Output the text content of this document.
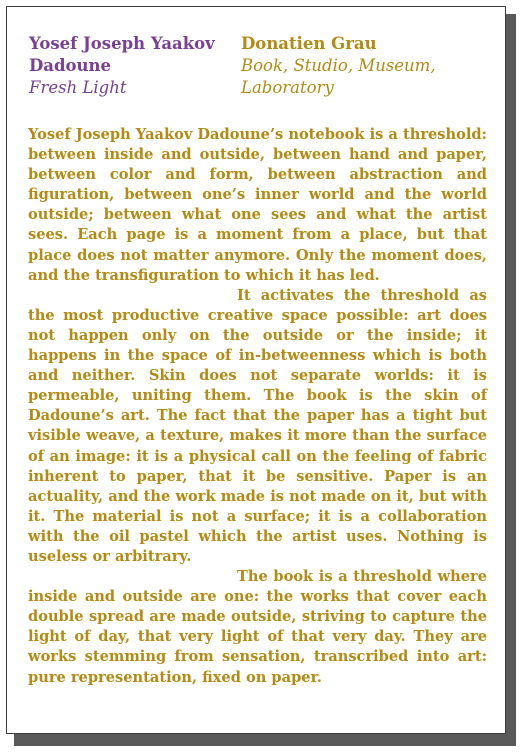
Yosef Joseph Yaakov Dadoune
Fresh Light
Donatien Grau
Book, Studio, Museum, Laboratory

Yosef Joseph Yaakov Dadoune’s notebook is a threshold: between inside and outside, between hand and paper, between color and form, between abstraction and figuration, between one’s inner world and the world outside; between what one sees and what the artist sees. Each page is a moment from a place, but that place does not matter anymore. Only the moment does, and the transfiguration to which it has led.

It activates the threshold as the most productive creative space possible: art does not happen only on the outside or the inside; it happens in the space of in-betweenness which is both and neither. Skin does not separate worlds: it is permeable, uniting them. The book is the skin of Dadoune’s art. The fact that the paper has a tight but visible weave, a texture, makes it more than the surface of an image: it is a physical call on the feeling of fabric inherent to paper, that it be sensitive. Paper is an actuality, and the work made is not made on it, but with it. The material is not a surface; it is a collaboration with the oil pastel which the artist uses. Nothing is useless or arbitrary.

The book is a threshold where inside and outside are one: the works that cover each double spread are made outside, striving to capture the light of day, that very light of that very day. They are works stemming from sensation, transcribed into art: pure representation, fixed on paper.
